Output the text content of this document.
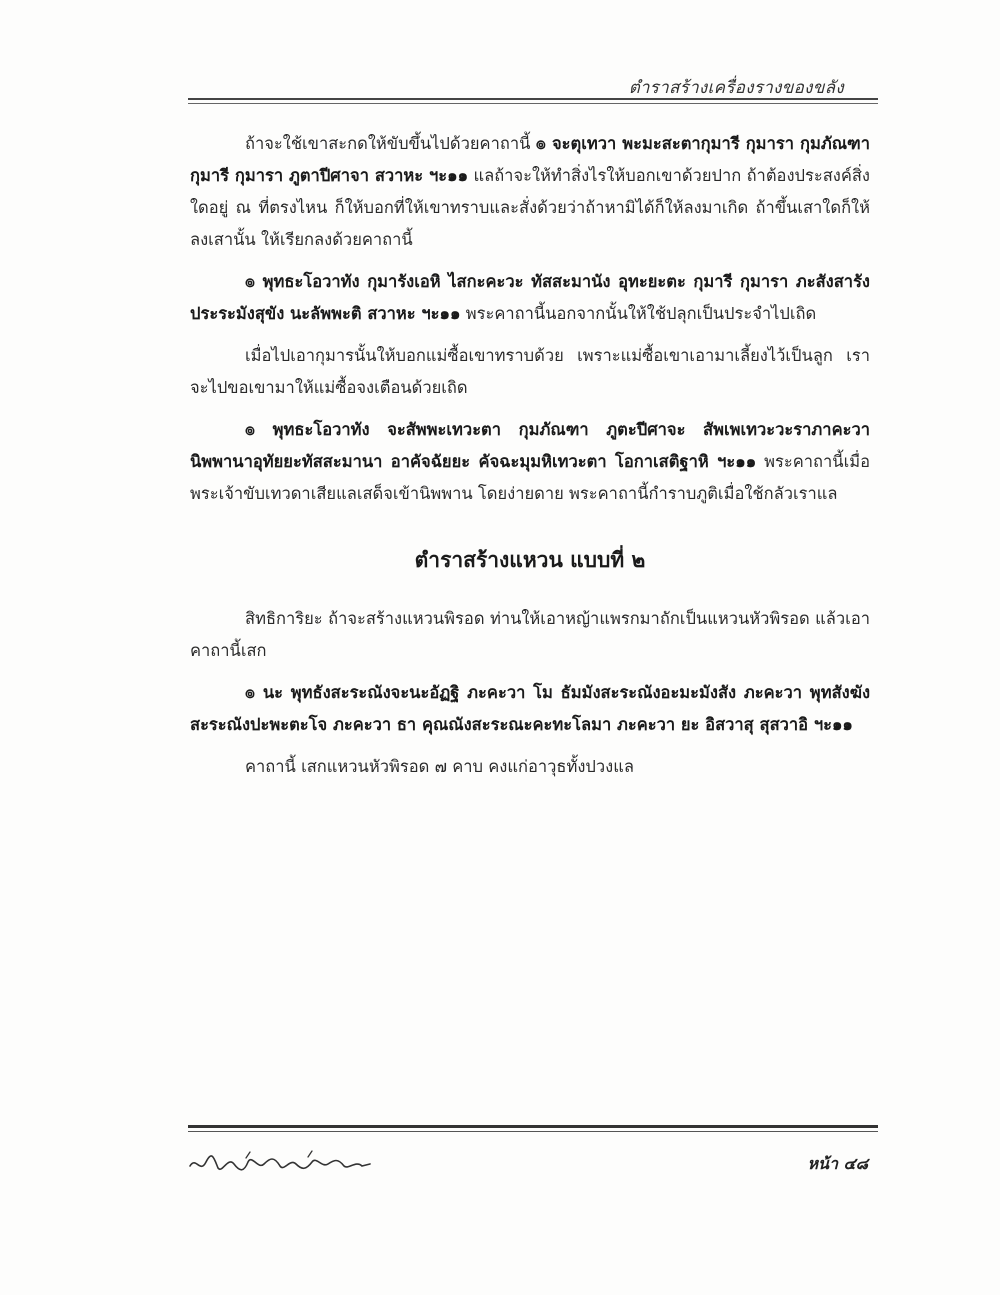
ตำราสร้างเครื่องรางของขลัง

ถ้าจะใช้เขาสะกดให้ขับขึ้นไปด้วยคาถานี้ ๏ จะตุเทวา พะมะสะตากุมารี กุมารา กุมภัณฑากุมารี กุมารา ภูตาปีศาจา สวาหะ ฯะ๑๑ แลถ้าจะให้ทำสิ่งไรให้บอกเขาด้วยปาก ถ้าต้องประสงค์สิ่งใดอยู่ ณ ที่ตรงไหน ก็ให้บอกที่ให้เขาทราบและสั่งด้วยว่าถ้าหามิได้ก็ให้ลงมาเกิด ถ้าขึ้นเสาใดก็ให้ลงเสานั้น ให้เรียกลงด้วยคาถานี้

๏ พุทธะโอวาทัง กุมารังเอหิ ไสกะคะวะ ทัสสะมานัง อุทะยะตะ กุมารี กุมารา ภะสังสารัง ประระมังสุขัง นะลัพพะติ สวาหะ ฯะ๑๑ พระคาถานี้นอกจากนั้นให้ใช้ปลุกเป็นประจำไปเถิด

เมื่อไปเอากุมารนั้นให้บอกแม่ซื้อเขาทราบด้วย เพราะแม่ซื้อเขาเอามาเลี้ยงไว้เป็นลูก เราจะไปขอเขามาให้แม่ซื้อจงเตือนด้วยเถิด

๏ พุทธะโอวาทัง จะสัพพะเทวะตา กุมภัณฑา ภูตะปีศาจะ สัพเพเทวะวะราภาคะวา นิพพานาอุทัยยะทัสสะมานา อาคัจฉัยยะ คัจฉะมุมหิเทวะตา โอกาเสติฐาหิ ฯะ๑๑ พระคาถานี้เมื่อพระเจ้าขับเทวดาเสียแลเสด็จเข้านิพพาน โดยง่ายดาย พระคาถานี้กำราบภูติเมื่อใช้กลัวเราแล

ตำราสร้างแหวน แบบที่ ๒

สิทธิการิยะ ถ้าจะสร้างแหวนพิรอด ท่านให้เอาหญ้าแพรกมาถักเป็นแหวนหัวพิรอด แล้วเอาคาถานี้เสก

๏ นะ พุทธังสะระณังจะนะอัฏฐิ ภะคะวา โม ธัมมังสะระณังอะมะมังสัง ภะคะวา พุทสังฆังสะระณังปะพะตะโจ ภะคะวา ธา คุณณังสะระณะคะทะโลมา ภะคะวา ยะ อิสวาสุ สุสวาอิ ฯะ๑๑

คาถานี้ เสกแหวนหัวพิรอด ๗ คาบ คงแก่อาวุธทั้งปวงแล

หน้า ๔๘
